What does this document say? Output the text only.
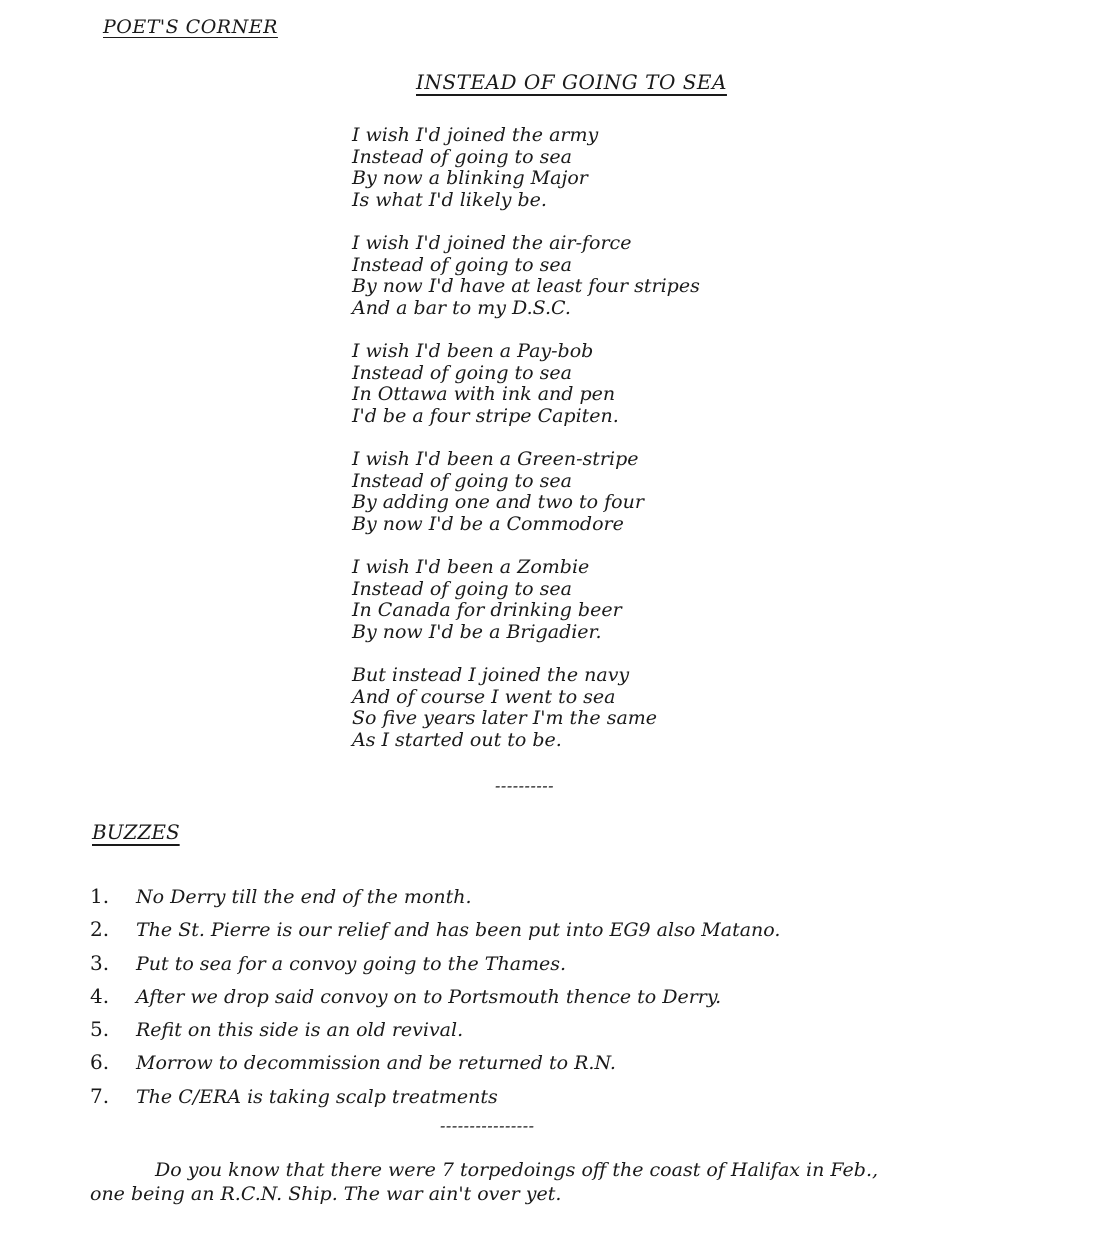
POET'S CORNER
INSTEAD OF GOING TO SEA
I wish I'd joined the army
Instead of going to sea
By now a blinking Major
Is what I'd likely be.
I wish I'd joined the air-force
Instead of going to sea
By now I'd have at least four stripes
And a bar to my D.S.C.
I wish I'd been a Pay-bob
Instead of going to sea
In Ottawa with ink and pen
I'd be a four stripe Capiten.
I wish I'd been a Green-stripe
Instead of going to sea
By adding one and two to four
By now I'd be a Commodore
I wish I'd been a Zombie
Instead of going to sea
In Canada for drinking beer
By now I'd be a Brigadier.
But instead I joined the navy
And of course I went to sea
So five years later I'm the same
As I started out to be.
----------
BUZZES
1.	No Derry till the end of the month.
2.	The St. Pierre is our relief and has been put into EG9 also Matano.
3.	Put to sea for a convoy going to the Thames.
4.	After we drop said convoy on to Portsmouth thence to Derry.
5.	Refit on this side is an old revival.
6.	Morrow to decommission and be returned to R.N.
7.	The C/ERA is taking scalp treatments
----------------
Do you know that there were 7 torpedoings off the coast of Halifax in Feb.,
one being an R.C.N. Ship. The war ain't over yet.
